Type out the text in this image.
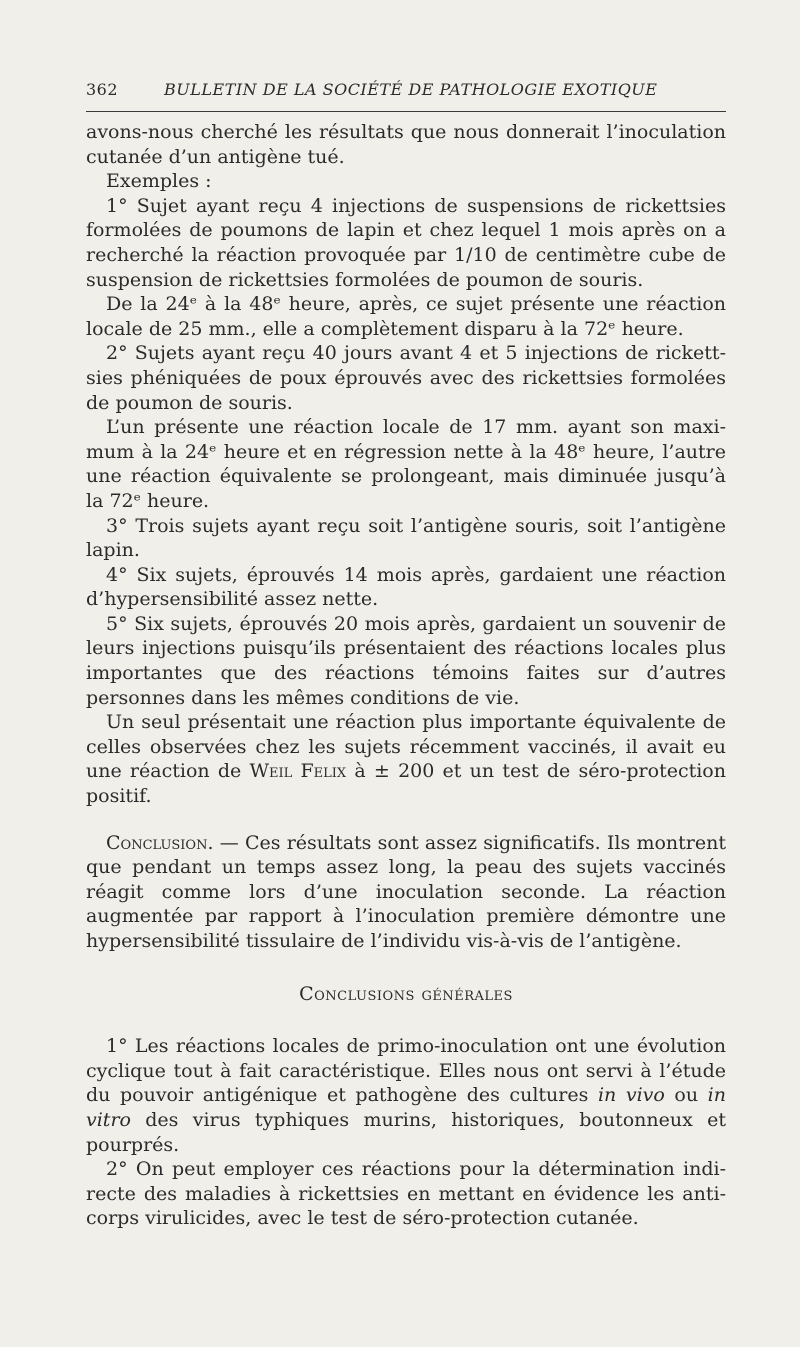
362	BULLETIN DE LA SOCIÉTÉ DE PATHOLOGIE EXOTIQUE

avons-nous cherché les résultats que nous donnerait l’inoculation cutanée d’un antigène tué.

Exemples :

1° Sujet ayant reçu 4 injections de suspensions de rickettsies formolées de poumons de lapin et chez lequel 1 mois après on a recherché la réaction provoquée par 1/10 de centimètre cube de suspension de rickettsies formolées de poumon de souris.

De la 24ᵉ à la 48ᵉ heure, après, ce sujet présente une réaction locale de 25 mm., elle a complètement disparu à la 72ᵉ heure.

2° Sujets ayant reçu 40 jours avant 4 et 5 injections de rickett-sies phéniquées de poux éprouvés avec des rickettsies formolées de poumon de souris.

L’un présente une réaction locale de 17 mm. ayant son maxi-mum à la 24ᵉ heure et en régression nette à la 48ᵉ heure, l’autre une réaction équivalente se prolongeant, mais diminuée jusqu’à la 72ᵉ heure.

3° Trois sujets ayant reçu soit l’antigène souris, soit l’antigène lapin.

4° Six sujets, éprouvés 14 mois après, gardaient une réaction d’hypersensibilité assez nette.

5° Six sujets, éprouvés 20 mois après, gardaient un souvenir de leurs injections puisqu’ils présentaient des réactions locales plus importantes que des réactions témoins faites sur d’autres personnes dans les mêmes conditions de vie.

Un seul présentait une réaction plus importante équivalente de celles observées chez les sujets récemment vaccinés, il avait eu une réaction de Weil Felix à ± 200 et un test de séro-protection positif.

Conclusion. — Ces résultats sont assez significatifs. Ils montrent que pendant un temps assez long, la peau des sujets vaccinés réagit comme lors d’une inoculation seconde. La réaction augmentée par rapport à l’inoculation première démontre une hypersensibilité tissulaire de l’individu vis-à-vis de l’antigène.

Conclusions générales

1° Les réactions locales de primo-inoculation ont une évolution cyclique tout à fait caractéristique. Elles nous ont servi à l’étude du pouvoir antigénique et pathogène des cultures in vivo ou in vitro des virus typhiques murins, historiques, boutonneux et pourprés.

2° On peut employer ces réactions pour la détermination indi-recte des maladies à rickettsies en mettant en évidence les anti-corps virulicides, avec le test de séro-protection cutanée.
